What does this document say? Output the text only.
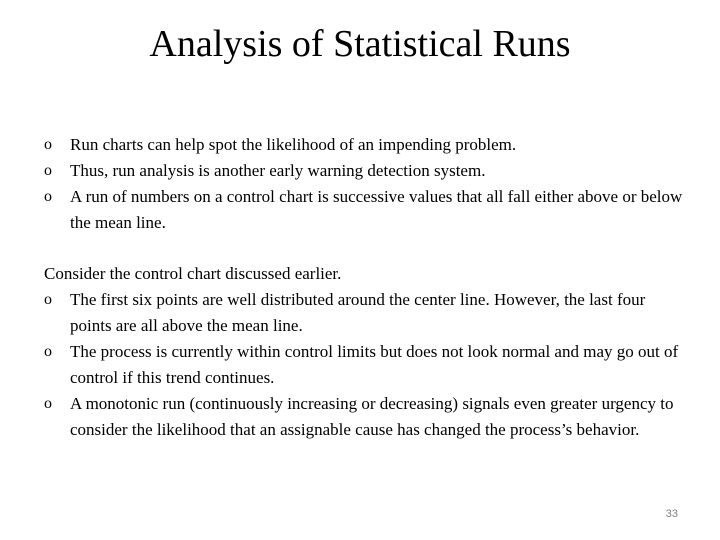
Analysis of Statistical Runs
o	Run charts can help spot the likelihood of an impending problem.
o	Thus, run analysis is another early warning detection system.
o	A run of numbers on a control chart is successive values that all fall either above or below the mean line.

Consider the control chart discussed earlier.

o	The first six points are well distributed around the center line. However, the last four points are all above the mean line.
o	The process is currently within control limits but does not look normal and may go out of control if this trend continues.
o	A monotonic run (continuously increasing or decreasing) signals even greater urgency to consider the likelihood that an assignable cause has changed the process’s behavior.
33
